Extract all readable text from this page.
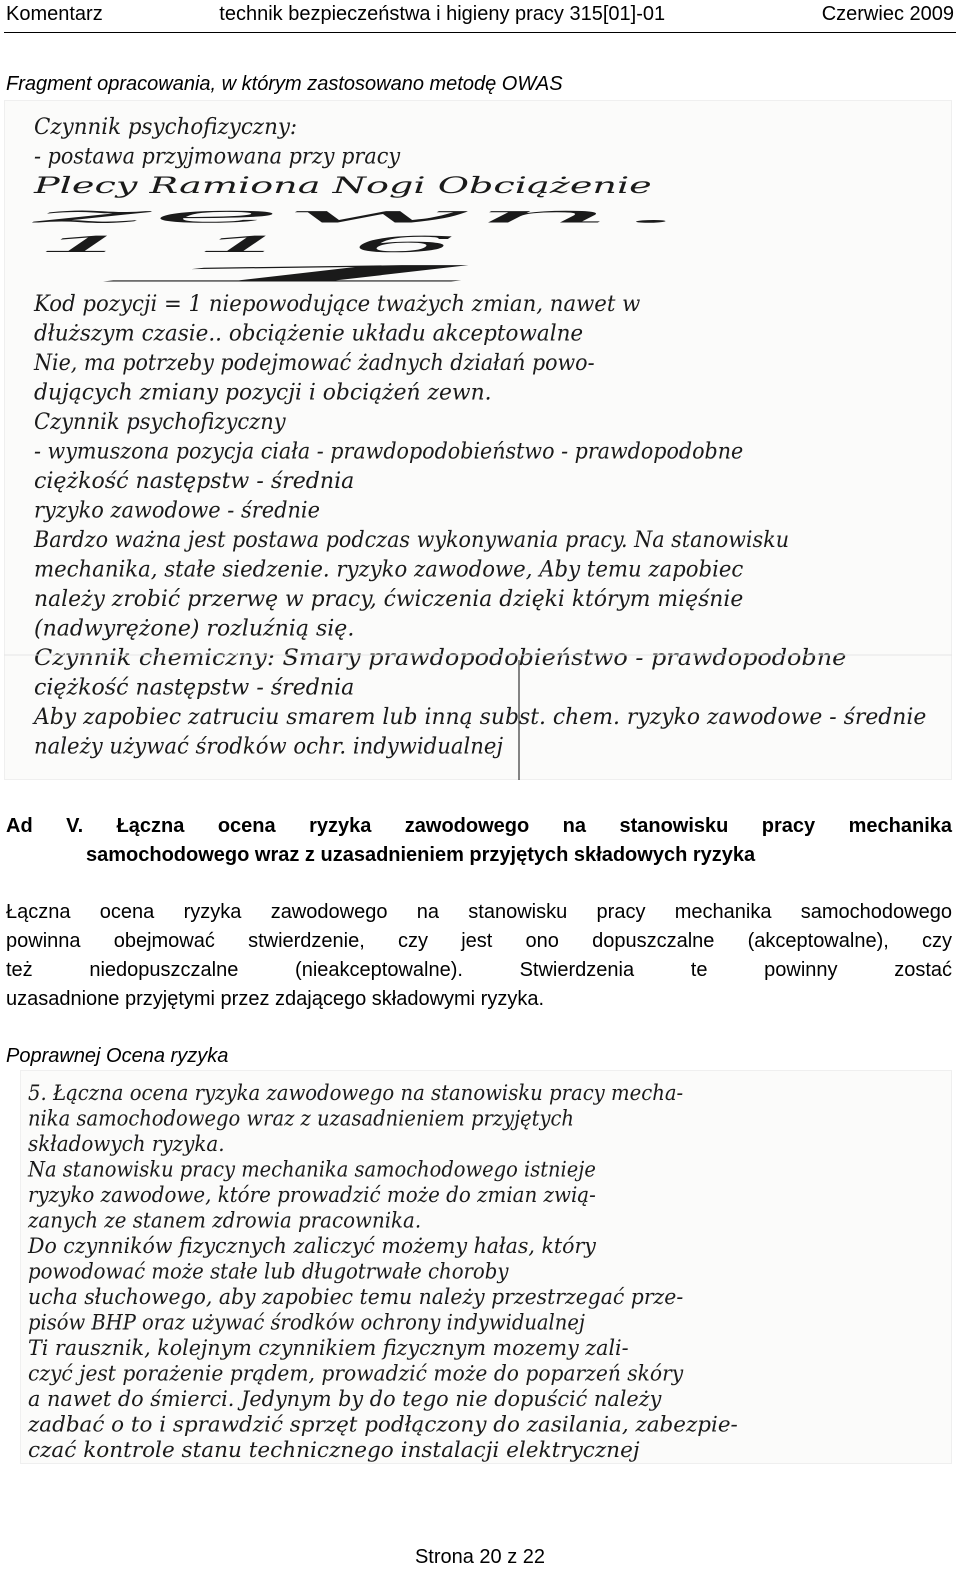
Komentarz	technik bezpieczeństwa i higieny pracy 315[01]-01	Czerwiec 2009
Fragment opracowania, w którym zastosowano metodę OWAS
Czynnik psychofizyczny:
- postawa przyjmowana przy pracy
Plecy Ramiona Nogi Obciążenie
zewn.
1 1 6
1
Kod pozycji = 1 niepowodujące tważych zmian, nawet w
dłuższym czasie.. obciążenie układu akceptowalne
Nie, ma potrzeby podejmować żadnych działań powo-
dujących zmiany pozycji i obciążeń zewn.
Czynnik psychofizyczny
- wymuszona pozycja ciała - prawdopodobieństwo - prawdopodobne
ciężkość następstw - średnia
ryzyko zawodowe - średnie
Bardzo ważna jest postawa podczas wykonywania pracy. Na stanowisku
mechanika, stałe siedzenie. ryzyko zawodowe, Aby temu zapobiec
należy zrobić przerwę w pracy, ćwiczenia dzięki którym mięśnie
(nadwyrężone) rozluźnią się.
Czynnik chemiczny: Smary prawdopodobieństwo - prawdopodobne
ciężkość następstw - średnia
Aby zapobiec zatruciu smarem lub inną subst. chem. ryzyko zawodowe - średnie
należy używać środków ochr. indywidualnej
Ad V. Łączna ocena ryzyka zawodowego na stanowisku pracy mechanika
samochodowego wraz z uzasadnieniem przyjętych składowych ryzyka
Łączna ocena ryzyka zawodowego na stanowisku pracy mechanika samochodowego
powinna obejmować stwierdzenie, czy jest ono dopuszczalne (akceptowalne), czy
też niedopuszczalne (nieakceptowalne). Stwierdzenia te powinny zostać
uzasadnione przyjętymi przez zdającego składowymi ryzyka.
Poprawnej Ocena ryzyka
5. Łączna ocena ryzyka zawodowego na stanowisku pracy mecha-
nika samochodowego wraz z uzasadnieniem przyjętych
składowych ryzyka.
Na stanowisku pracy mechanika samochodowego istnieje
ryzyko zawodowe, które prowadzić może do zmian zwią-
zanych ze stanem zdrowia pracownika.
Do czynników fizycznych zaliczyć możemy hałas, który
powodować może stałe lub długotrwałe choroby
ucha słuchowego, aby zapobiec temu należy przestrzegać prze-
pisów BHP oraz używać środków ochrony indywidualnej
Ti rausznik, kolejnym czynnikiem fizycznym mozemy zali-
czyć jest porażenie prądem, prowadzić może do poparzeń skóry
a nawet do śmierci. Jedynym by do tego nie dopuścić należy
zadbać o to i sprawdzić sprzęt podłączony do zasilania, zabezpie-
czać kontrole stanu technicznego instalacji elektrycznej
Strona 20 z 22
